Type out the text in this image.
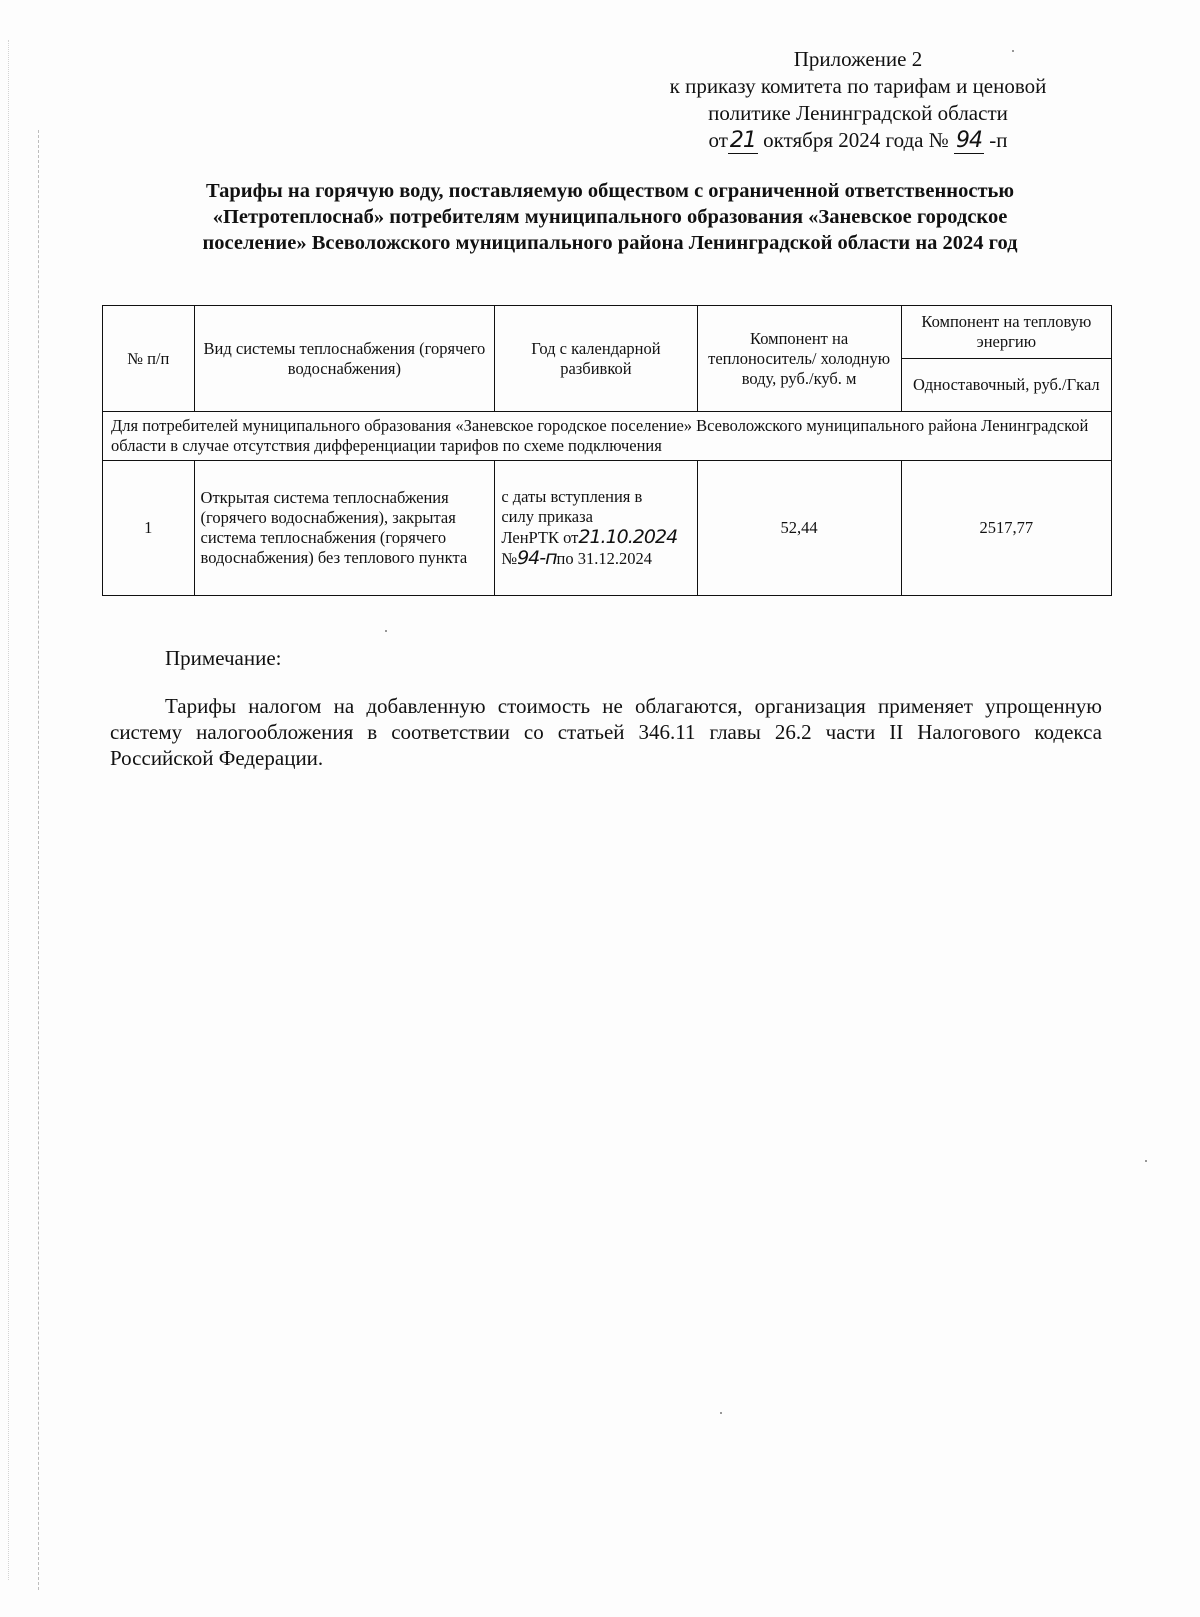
Приложение 2
к приказу комитета по тарифам и ценовой
политике Ленинградской области
от21 октября 2024 года № 94 -п
Тарифы на горячую воду, поставляемую обществом с ограниченной ответственностью
«Петротеплоснаб» потребителям муниципального образования «Заневское городское
поселение» Всеволожского муниципального района Ленинградской области на 2024 год
№ п/п	Вид системы теплоснабжения (горячего водоснабжения)	Год с календарной разбивкой	Компонент на теплоноситель/ холодную воду, руб./куб. м	Компонент на тепловую энергию
				Одноставочный, руб./Гкал
Для потребителей муниципального образования «Заневское городское поселение» Всеволожского муниципального района Ленинградской области в случае отсутствия дифференциации тарифов по схеме подключения				
1	Открытая система теплоснабжения (горячего водоснабжения), закрытая система теплоснабжения (горячего водоснабжения) без теплового пункта	с даты вступления в
силу приказа
ЛенРТК от21.10.2024
№94-ппо 31.12.2024	52,44	2517,77
Примечание:
Тарифы налогом на добавленную стоимость не облагаются, организация применяет упрощенную систему налогообложения в соответствии со статьей 346.11 главы 26.2 части II Налогового кодекса Российской Федерации.
